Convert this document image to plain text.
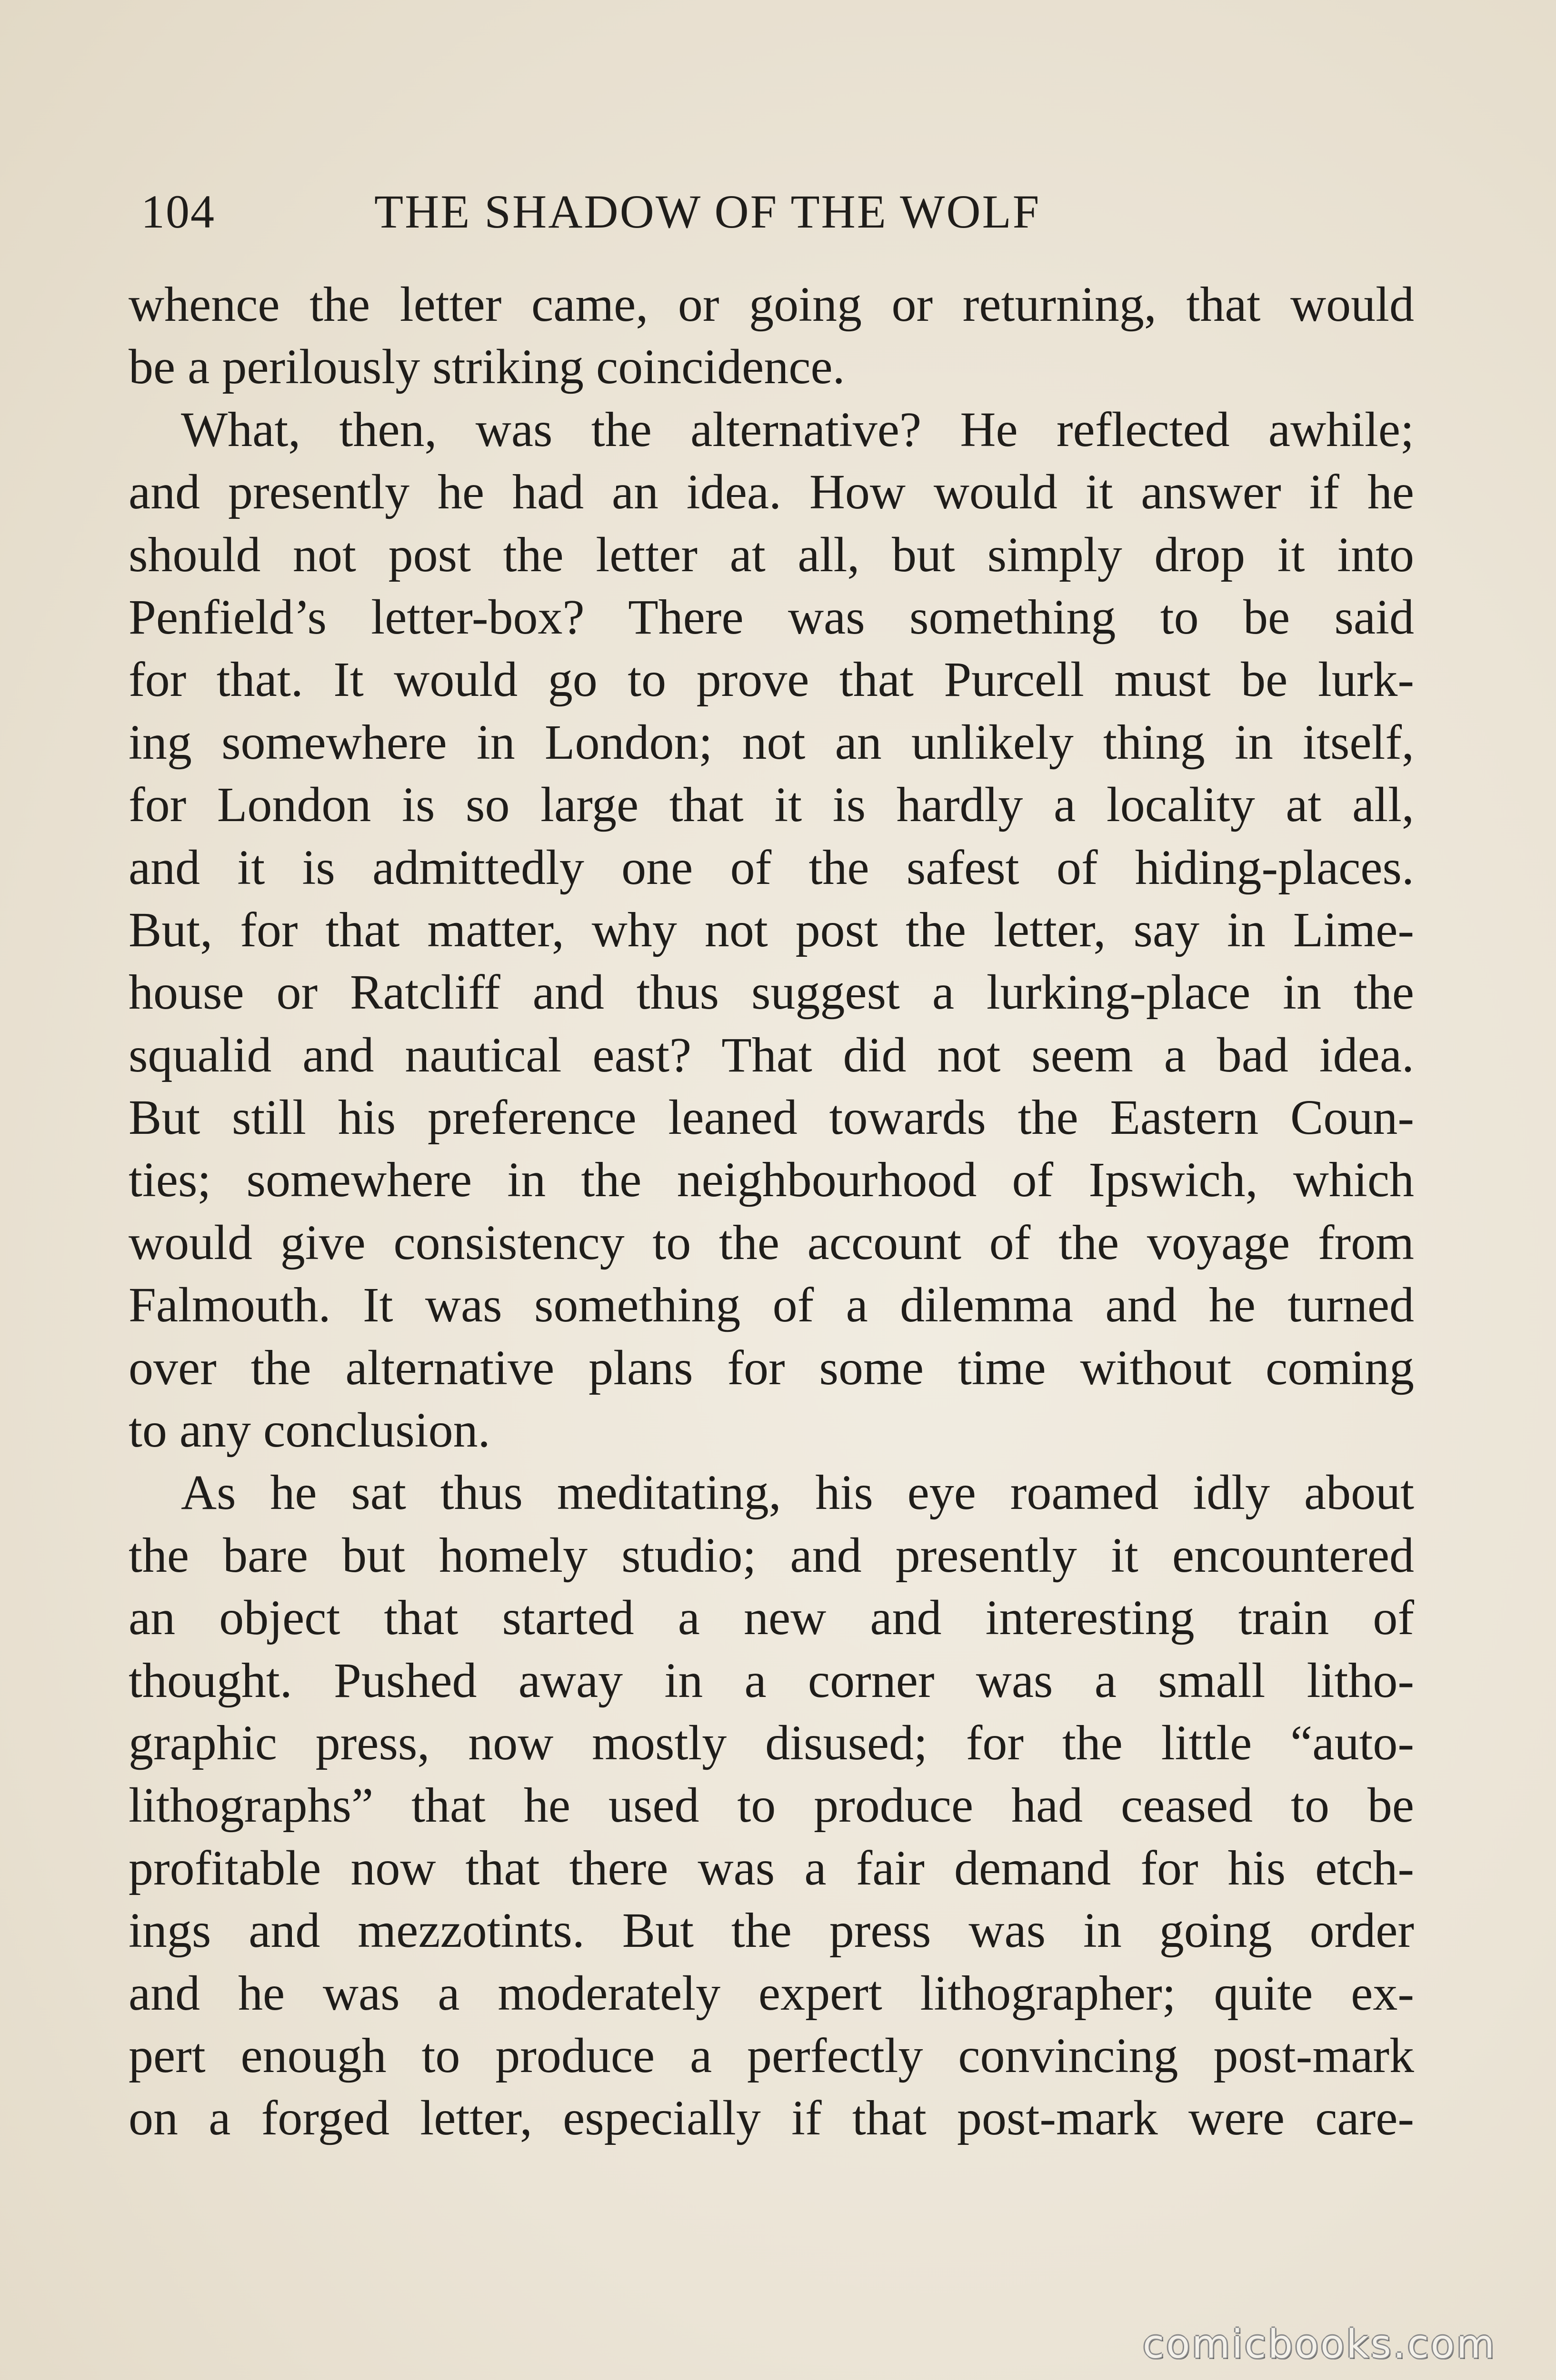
104	THE SHADOW OF THE WOLF
whence the letter came, or going or returning, that would
be a perilously striking coincidence.
What, then, was the alternative? He reflected awhile;
and presently he had an idea. How would it answer if he
should not post the letter at all, but simply drop it into
Penfield’s letter-box? There was something to be said
for that. It would go to prove that Purcell must be lurk-
ing somewhere in London; not an unlikely thing in itself,
for London is so large that it is hardly a locality at all,
and it is admittedly one of the safest of hiding-places.
But, for that matter, why not post the letter, say in Lime-
house or Ratcliff and thus suggest a lurking-place in the
squalid and nautical east? That did not seem a bad idea.
But still his preference leaned towards the Eastern Coun-
ties; somewhere in the neighbourhood of Ipswich, which
would give consistency to the account of the voyage from
Falmouth. It was something of a dilemma and he turned
over the alternative plans for some time without coming
to any conclusion.
As he sat thus meditating, his eye roamed idly about
the bare but homely studio; and presently it encountered
an object that started a new and interesting train of
thought. Pushed away in a corner was a small litho-
graphic press, now mostly disused; for the little “auto-
lithographs” that he used to produce had ceased to be
profitable now that there was a fair demand for his etch-
ings and mezzotints. But the press was in going order
and he was a moderately expert lithographer; quite ex-
pert enough to produce a perfectly convincing post-mark
on a forged letter, especially if that post-mark were care-
comicbooks.com
